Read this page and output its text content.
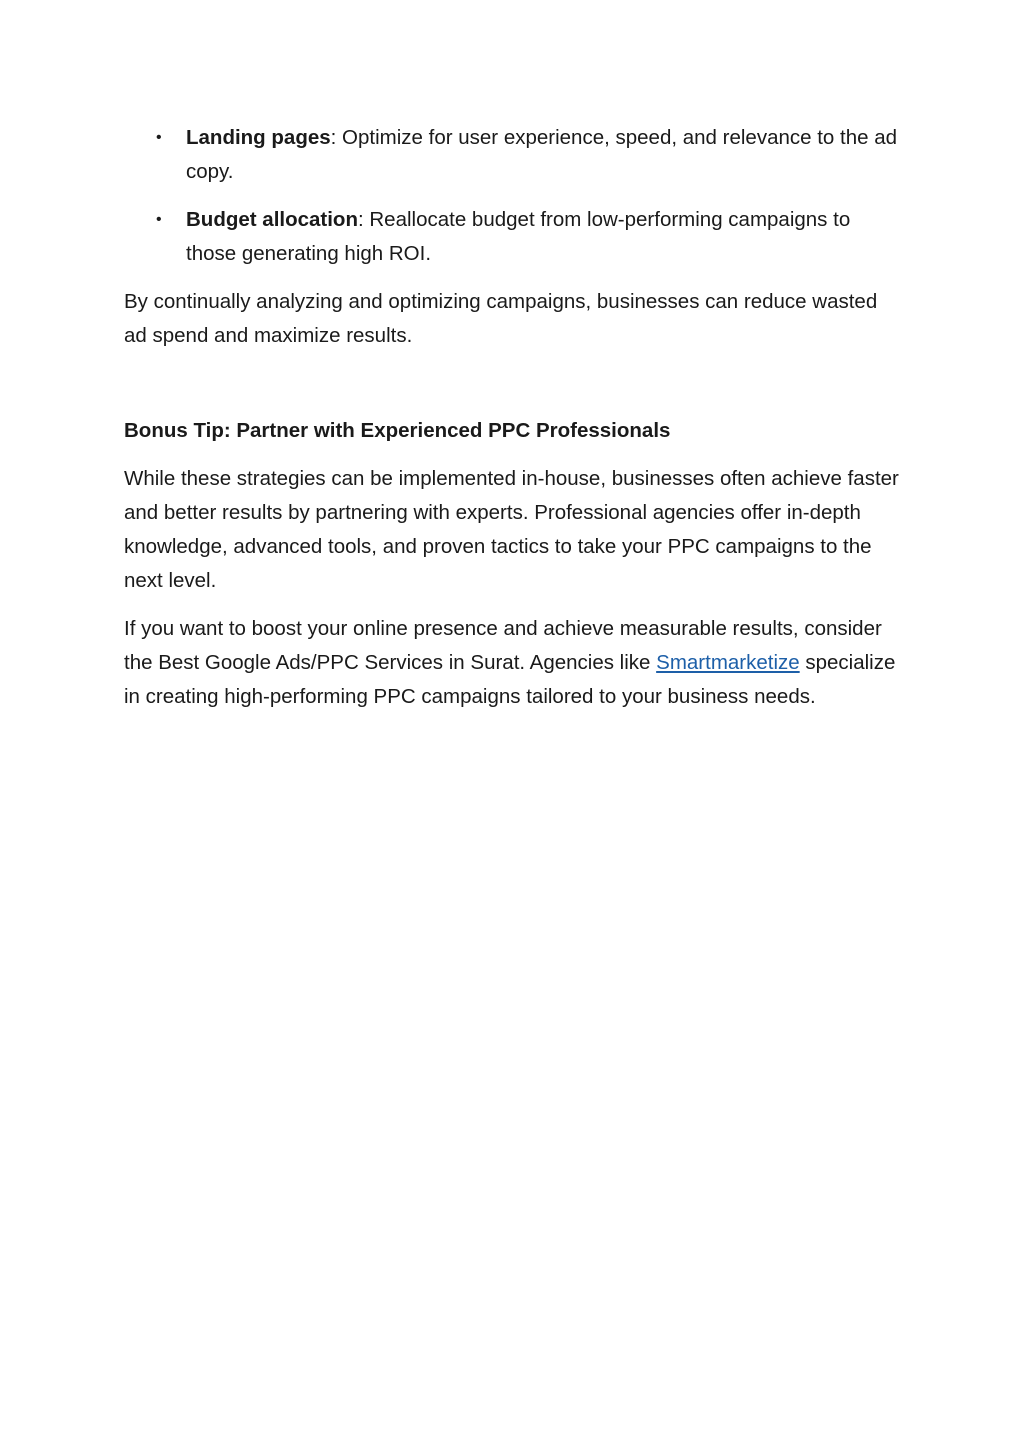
• Landing pages: Optimize for user experience, speed, and relevance to the ad copy.
• Budget allocation: Reallocate budget from low-performing campaigns to those generating high ROI.

By continually analyzing and optimizing campaigns, businesses can reduce wasted ad spend and maximize results.

Bonus Tip: Partner with Experienced PPC Professionals

While these strategies can be implemented in-house, businesses often achieve faster and better results by partnering with experts. Professional agencies offer in-depth knowledge, advanced tools, and proven tactics to take your PPC campaigns to the next level.

If you want to boost your online presence and achieve measurable results, consider the Best Google Ads/PPC Services in Surat. Agencies like Smartmarketize specialize in creating high-performing PPC campaigns tailored to your business needs.
